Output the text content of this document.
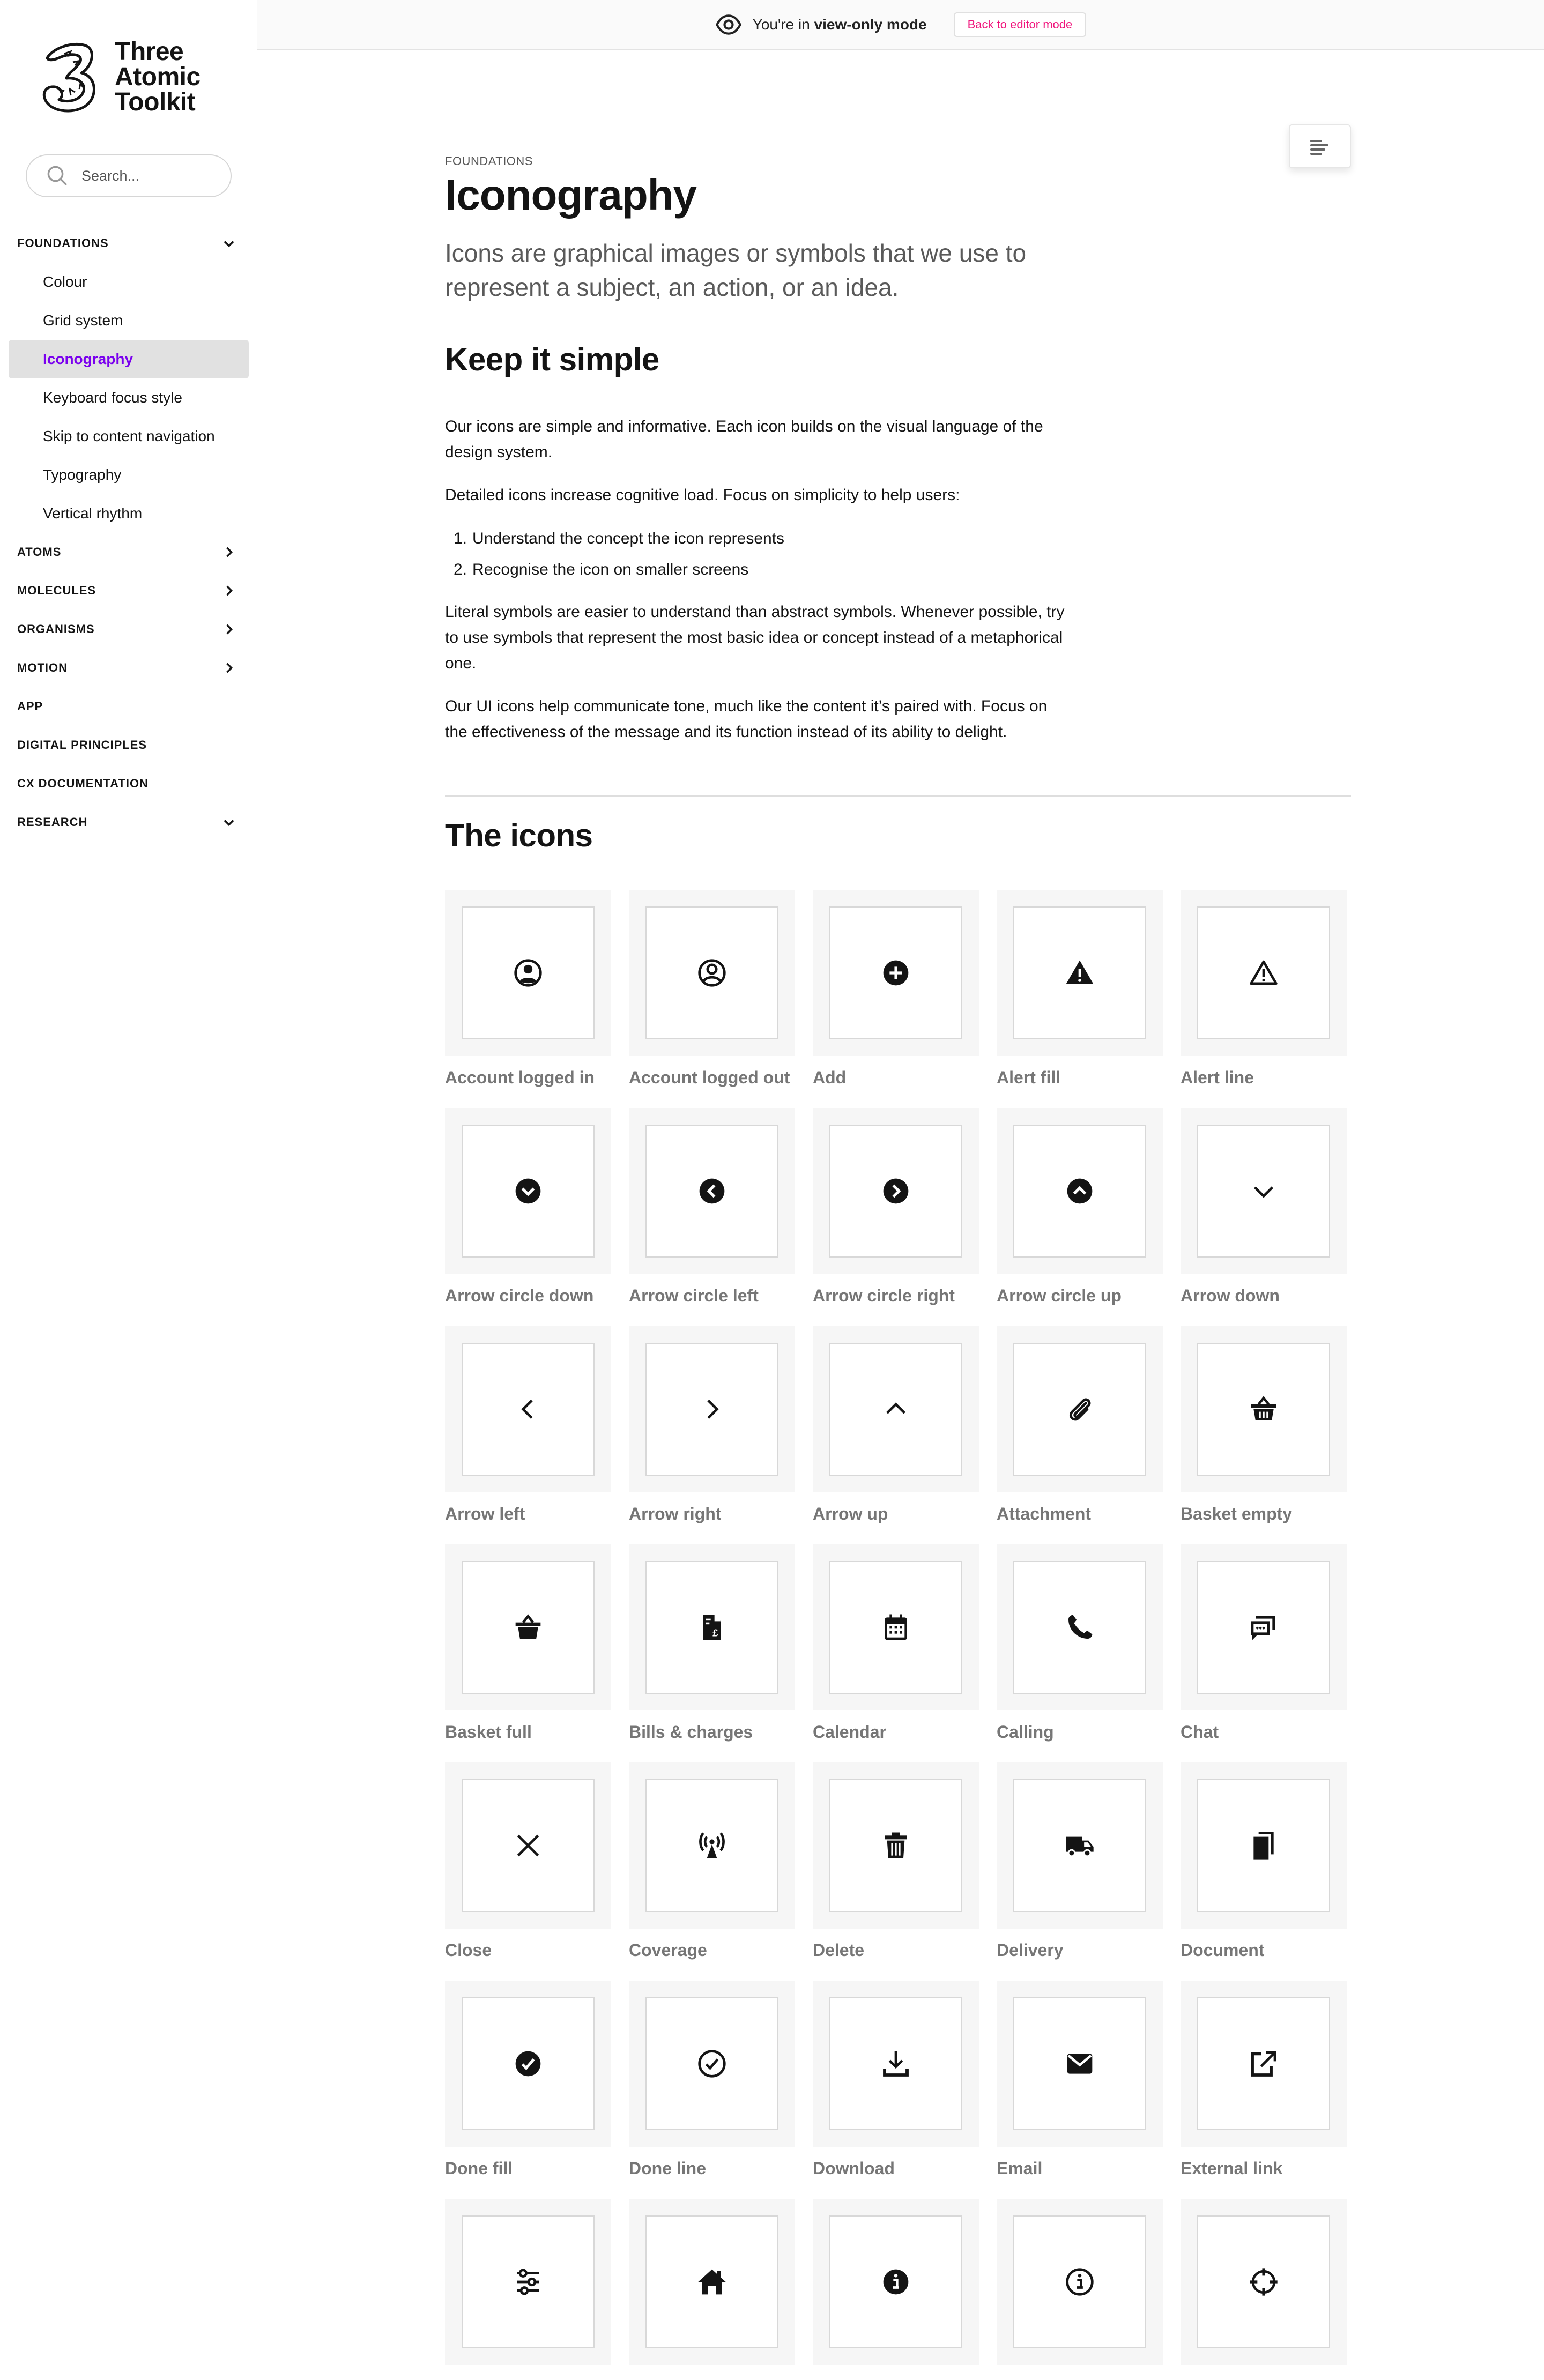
Three
Atomic
Toolkit
Search...
FOUNDATIONS
Colour
Grid system
Iconography
Keyboard focus style
Skip to content navigation
Typography
Vertical rhythm
ATOMS
MOLECULES
ORGANISMS
MOTION
APP
DIGITAL PRINCIPLES
CX DOCUMENTATION
RESEARCH
You're in view-only mode	Back to editor mode
FOUNDATIONS
Iconography

Icons are graphical images or symbols that we use to represent a subject, an action, or an idea.

Keep it simple

Our icons are simple and informative. Each icon builds on the visual language of the design system.

Detailed icons increase cognitive load. Focus on simplicity to help users:

1. Understand the concept the icon represents
2. Recognise the icon on smaller screens

Literal symbols are easier to understand than abstract symbols. Whenever possible, try to use symbols that represent the most basic idea or concept instead of a metaphorical one.

Our UI icons help communicate tone, much like the content it’s paired with. Focus on the effectiveness of the message and its function instead of its ability to delight.

The icons
Account logged in	Account logged out Add	Alert fill	Alert line
Arrow circle down	Arrow circle left	Arrow circle right	Arrow circle up	Arrow down
Arrow left	Arrow right	Arrow up	Attachment	Basket empty
Basket full
£
Bills & charges	Calendar	Calling	Chat
Close	Coverage	Delete	Delivery	Document
Done fill	Done line	Download	Email	External link
